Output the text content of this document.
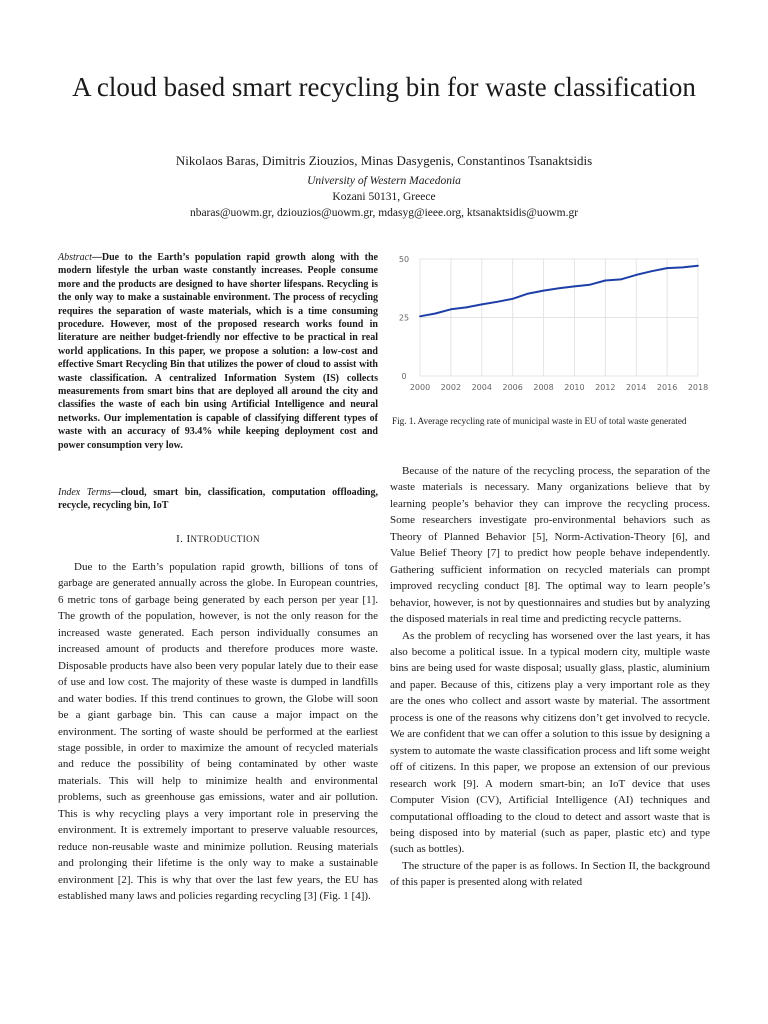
A cloud based smart recycling bin for waste classification
Nikolaos Baras, Dimitris Ziouzios, Minas Dasygenis, Constantinos Tsanaktsidis
University of Western Macedonia
Kozani 50131, Greece
nbaras@uowm.gr, dziouzios@uowm.gr, mdasyg@ieee.org, ktsanaktsidis@uowm.gr
Abstract—Due to the Earth’s population rapid growth along with the modern lifestyle the urban waste constantly increases. People consume more and the products are designed to have shorter lifespans. Recycling is the only way to make a sustainable environment. The process of recycling requires the separation of waste materials, which is a time consuming procedure. However, most of the proposed research works found in literature are neither budget-friendly nor effective to be practical in real world applications. In this paper, we propose a solution: a low-cost and effective Smart Recycling Bin that utilizes the power of cloud to assist with waste classification. A centralized Information System (IS) collects measurements from smart bins that are deployed all around the city and classifies the waste of each bin using Artificial Intelligence and neural networks. Our implementation is capable of classifying different types of waste with an accuracy of 93.4% while keeping deployment cost and power consumption very low.
Index Terms—cloud, smart bin, classification, computation offloading, recycle, recycling bin, IoT
I. INTRODUCTION

Due to the Earth’s population rapid growth, billions of tons of garbage are generated annually across the globe. In European countries, 6 metric tons of garbage being generated by each person per year [1]. The growth of the population, however, is not the only reason for the increased waste generated. Each person individually consumes an increased amount of products and therefore produces more waste. Disposable products have also been very popular lately due to their ease of use and low cost. The majority of these waste is dumped in landfills and water bodies. If this trend continues to grown, the Globe will soon be a giant garbage bin. This can cause a major impact on the environment. The sorting of waste should be performed at the earliest stage possible, in order to maximize the amount of recycled materials and reduce the possibility of being contaminated by other waste materials. This will help to minimize health and environmental problems, such as greenhouse gas emissions, water and air pollution. This is why recycling plays a very important role in preserving the environment. It is extremely important to preserve valuable resources, reduce non-reusable waste and minimize pollution. Reusing materials and prolonging their lifetime is the only way to make a sustainable environment [2]. This is why that over the last few years, the EU has established many laws and policies regarding recycling [3] (Fig. 1 [4]).

0
25
50
2000 2002 2004 2006 2008 2010 2012 2014 2016 2018
Fig. 1. Average recycling rate of municipal waste in EU of total waste generated

Because of the nature of the recycling process, the separation of the waste materials is necessary. Many organizations believe that by learning people’s behavior they can improve the recycling process. Some researchers investigate pro-environmental behaviors such as Theory of Planned Behavior [5], Norm-Activation-Theory [6], and Value Belief Theory [7] to predict how people behave independently. Gathering sufficient information on recycled materials can prompt improved recycling conduct [8]. The optimal way to learn people’s behavior, however, is not by questionnaires and studies but by analyzing the disposed materials in real time and predicting recycle patterns.

As the problem of recycling has worsened over the last years, it has also become a political issue. In a typical modern city, multiple waste bins are being used for waste disposal; usually glass, plastic, aluminium and paper. Because of this, citizens play a very important role as they are the ones who collect and assort waste by material. The assortment process is one of the reasons why citizens don’t get involved to recycle. We are confident that we can offer a solution to this issue by designing a system to automate the waste classification process and lift some weight off of citizens. In this paper, we propose an extension of our previous research work [9]. A modern smart-bin; an IoT device that uses Computer Vision (CV), Artificial Intelligence (AI) techniques and computational offloading to the cloud to detect and assort waste that is being disposed into by material (such as paper, plastic etc) and type (such as bottles).

The structure of the paper is as follows. In Section II, the background of this paper is presented along with related
